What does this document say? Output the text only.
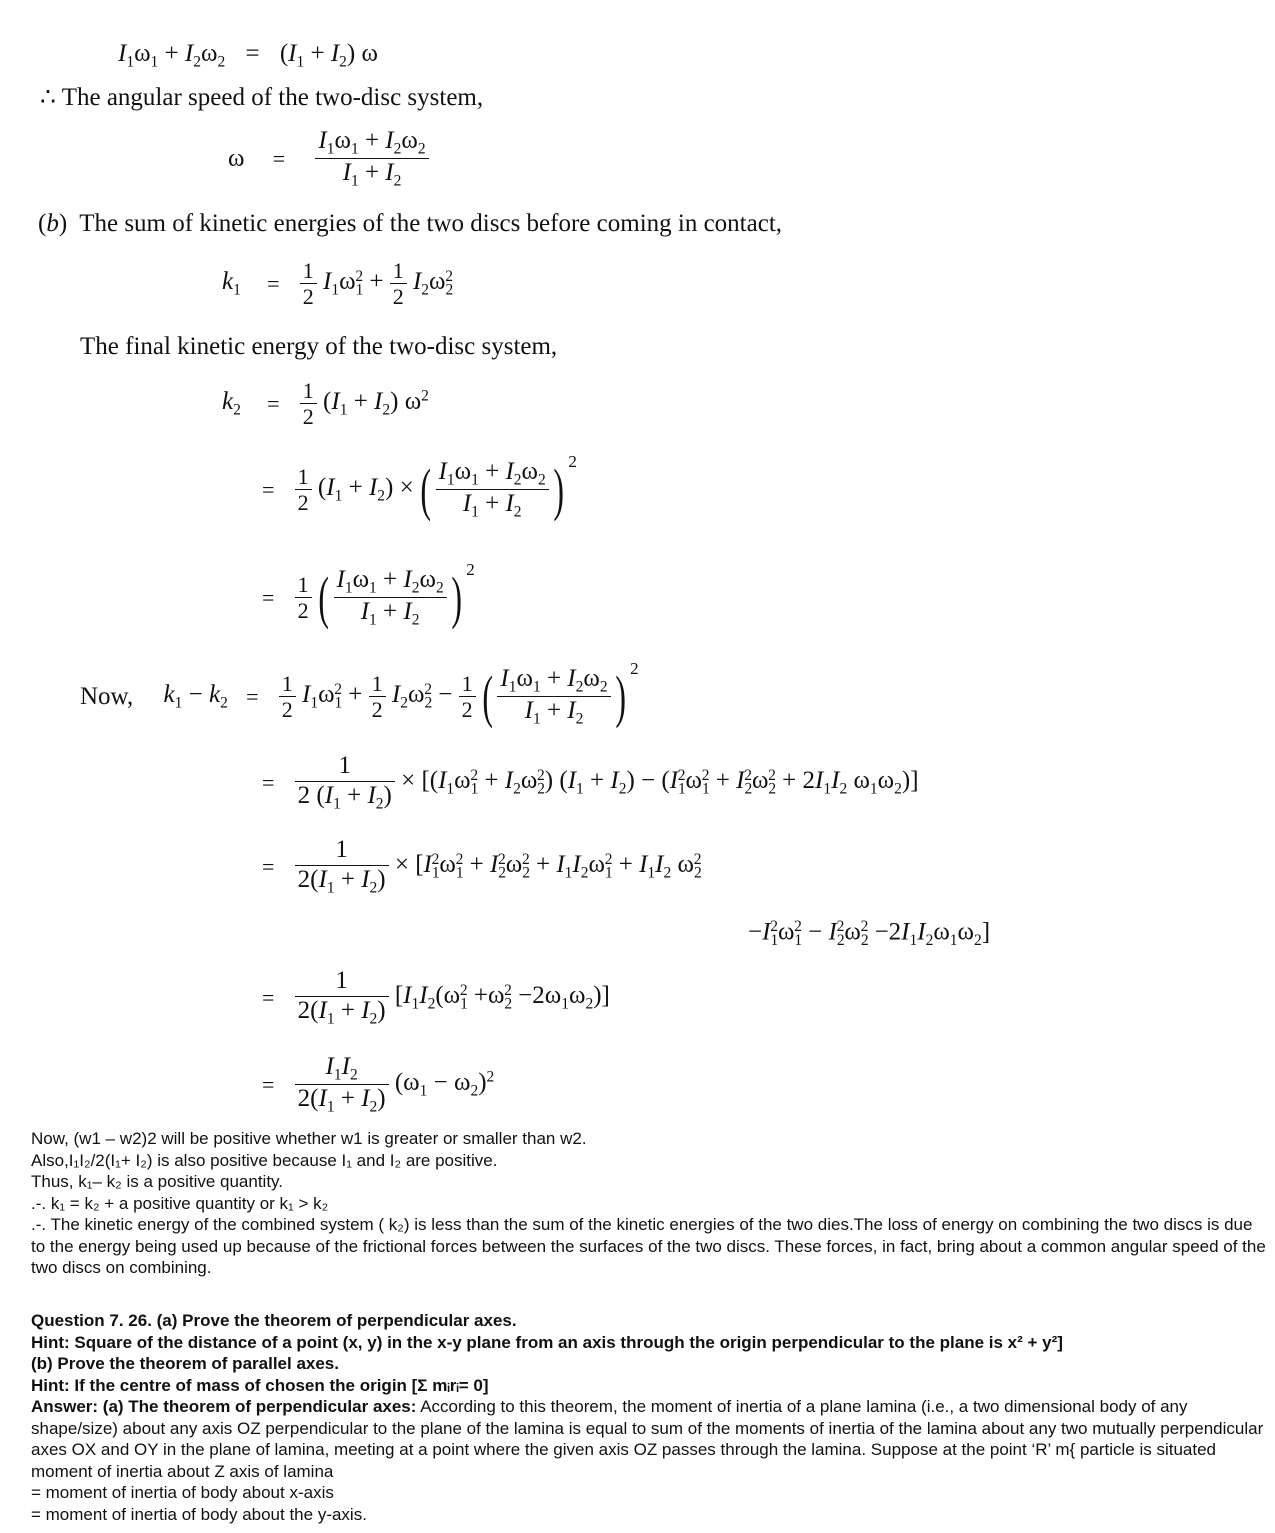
$I_1\omega_1 + I_2\omega_2 = (I_1 + I_2)$ ω
∴ The angular speed of the two-disc system,
$\omega = \frac{I_1\omega_1 + I_2\omega_2}{I_1 + I_2}$
(b)  The sum of kinetic energies of the two discs before coming in contact,
$k_1 = \frac{1}{2} I_1\omega_1^2 + \frac{1}{2} I_2\omega_2^2$
The final kinetic energy of the two-disc system,
$k_2 = \frac{1}{2} (I_1 + I_2)$ $\omega^2$
= $\frac{1}{2} (I_1 + I_2)$ × ( $\frac{I_1\omega_1 + I_2\omega_2}{I_1 + I_2}$ ) 2
= $\frac{1}{2}$ ( $\frac{I_1\omega_1 + I_2\omega_2}{I_1 + I_2}$ ) 2
Now, $k_1 - k_2 = \frac{1}{2} I_1\omega_1^2 + \frac{1}{2} I_2\omega_2^2 - \frac{1}{2}$ ( $\frac{I_1\omega_1 + I_2\omega_2}{I_1 + I_2}$ ) 2
= $\frac{1}{2 (I_1 + I_2)} \times [(I_1\omega_1^2 + I_2\omega_2^2) (I_1 + I_2) - (I_1^2\omega_1^2 + I_2^2\omega_2^2 + 2I_1I_2$ $\omega_1\omega_2$)]
= $\frac{1}{2(I_1 + I_2)} \times [I_1^2\omega_1^2 + I_2^2\omega_2^2 + I_1I_2\omega_1^2 + I_1I_2$ $\omega_2^2$
$-I_1^2\omega_1^2 - I_2^2\omega_2^2 -2I_1I_2\omega_1\omega_2$]
= $\frac{1}{2(I_1 + I_2)} [I_1I_2(\omega_1^2 +\omega_2^2 -2\omega_1\omega_2)]$
= $\frac{I_1I_2}{2(I_1 + I_2)} (\omega_1 - \omega_2)^2$

Now, (w1 – w2)2 will be positive whether w1 is greater or smaller than w2.

Also,I₁I₂/2(I₁+ I₂) is also positive because I₁ and I₂ are positive.

Thus, k₁– k₂ is a positive quantity.

.-. k₁ = k₂ + a positive quantity or k₁ > k₂

.-. The kinetic energy of the combined system ( k₂) is less than the sum of the kinetic energies of the two dies.The loss of energy on combining the two discs is due to the energy being used up because of the frictional forces between the surfaces of the two discs. These forces, in fact, bring about a common angular speed of the two discs on combining.

Question 7. 26. (a) Prove the theorem of perpendicular axes.

Hint: Square of the distance of a point (x, y) in the x-y plane from an axis through the origin perpendicular to the plane is x² + y²]

(b) Prove the theorem of parallel axes.

Hint: If the centre of mass of chosen the origin [Σ mᵢrᵢ= 0]

Answer: (a) The theorem of perpendicular axes: According to this theorem, the moment of inertia of a plane lamina (i.e., a two dimensional body of any shape/size) about any axis OZ perpendicular to the plane of the lamina is equal to sum of the moments of inertia of the lamina about any two mutually perpendicular axes OX and OY in the plane of lamina, meeting at a point where the given axis OZ passes through the lamina. Suppose at the point ‘R’ m{ particle is situated moment of inertia about Z axis of lamina

= moment of inertia of body about x-axis

= moment of inertia of body about the y-axis.
